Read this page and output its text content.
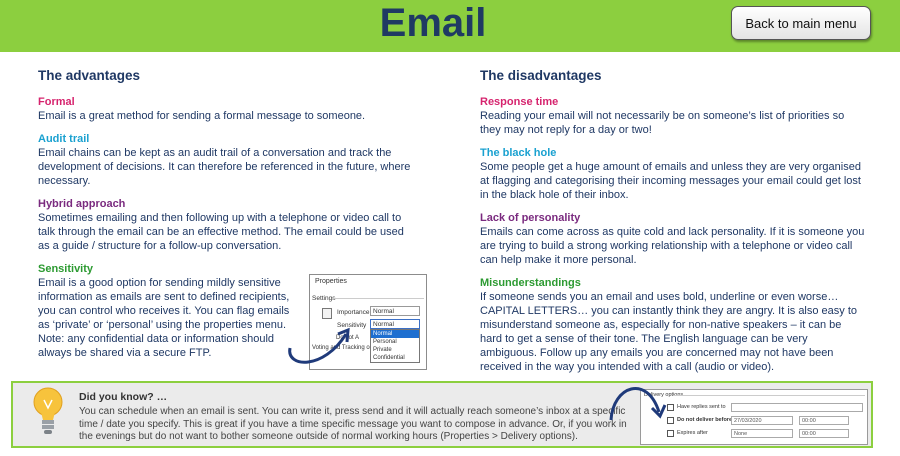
Email	Back to main menu
The advantages
Formal

Email is a great method for sending a formal message to someone.

Audit trail

Email chains can be kept as an audit trail of a conversation and track the development of decisions. It can therefore be referenced in the future, where necessary.

Hybrid approach

Sometimes emailing and then following up with a telephone or video call to talk through the email can be an effective method. The email could be used as a guide / structure for a follow-up conversation.

Sensitivity

Email is a good option for sending mildly sensitive information as emails are sent to defined recipients, you can control who receives it. You can flag emails as ‘private’ or ‘personal’ using the properties menu. Note: any confidential data or information should always be shared via a secure FTP.

Properties
Settings
Importance Normal
Sensitivity	Normal
Do not A
Voting and Tracking o
Normal
Personal
Private
Confidential
The disadvantages
Response time

Reading your email will not necessarily be on someone’s list of priorities so they may not reply for a day or two!

The black hole

Some people get a huge amount of emails and unless they are very organised at flagging and categorising their incoming messages your email could get lost in the black hole of their inbox.

Lack of personality

Emails can come across as quite cold and lack personality. If it is someone you are trying to build a strong working relationship with a telephone or video call can help make it more personal.

Misunderstandings

If someone sends you an email and uses bold, underline or even worse… CAPITAL LETTERS… you can instantly think they are angry. It is also easy to misunderstand someone as, especially for non-native speakers – it can be hard to get a sense of their tone. The English language can be very ambiguous. Follow up any emails you are concerned may not have been received in the way you intended with a call (audio or video).

Did you know? …
You can schedule when an email is sent. You can write it, press send and it will actually reach someone’s inbox at a specific time / date you specify. This is great if you have a time specific message you want to compose in advance. Or, if you work in the evenings but do not want to bother someone outside of normal working hours (Properties > Delivery options).
Delivery options
Have replies sent to
Do not deliver before 27/03/2020	00:00
Expires after	None	00:00
